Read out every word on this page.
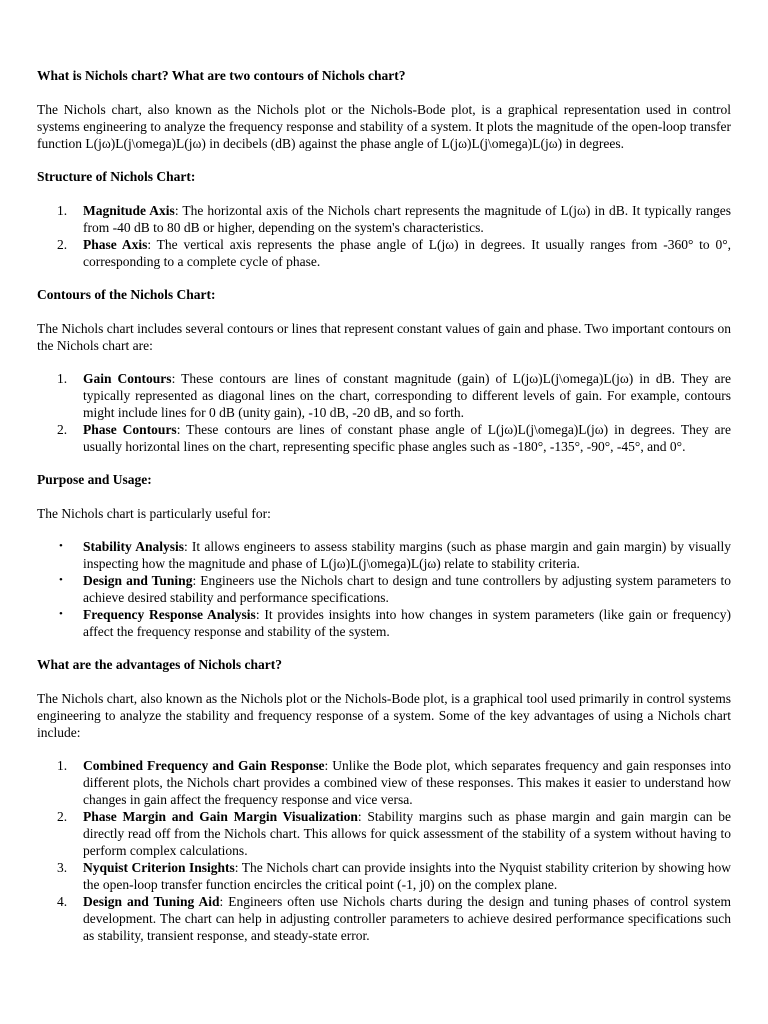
What is Nichols chart? What are two contours of Nichols chart?

The Nichols chart, also known as the Nichols plot or the Nichols-Bode plot, is a graphical representation used in control systems engineering to analyze the frequency response and stability of a system. It plots the magnitude of the open-loop transfer function L(jω)L(j\omega)L(jω) in decibels (dB) against the phase angle of L(jω)L(j\omega)L(jω) in degrees.

Structure of Nichols Chart:
1. Magnitude Axis: The horizontal axis of the Nichols chart represents the magnitude of L(jω) in dB. It typically ranges from -40 dB to 80 dB or higher, depending on the system's characteristics.
2. Phase Axis: The vertical axis represents the phase angle of L(jω) in degrees. It usually ranges from -360° to 0°, corresponding to a complete cycle of phase.
Contours of the Nichols Chart:

The Nichols chart includes several contours or lines that represent constant values of gain and phase. Two important contours on the Nichols chart are:

1. Gain Contours: These contours are lines of constant magnitude (gain) of L(jω)L(j\omega)L(jω) in dB. They are typically represented as diagonal lines on the chart, corresponding to different levels of gain. For example, contours might include lines for 0 dB (unity gain), -10 dB, -20 dB, and so forth.
2. Phase Contours: These contours are lines of constant phase angle of L(jω)L(j\omega)L(jω) in degrees. They are usually horizontal lines on the chart, representing specific phase angles such as -180°, -135°, -90°, -45°, and 0°.
Purpose and Usage:

The Nichols chart is particularly useful for:

• Stability Analysis: It allows engineers to assess stability margins (such as phase margin and gain margin) by visually inspecting how the magnitude and phase of L(jω)L(j\omega)L(jω) relate to stability criteria.
• Design and Tuning: Engineers use the Nichols chart to design and tune controllers by adjusting system parameters to achieve desired stability and performance specifications.
• Frequency Response Analysis: It provides insights into how changes in system parameters (like gain or frequency) affect the frequency response and stability of the system.
What are the advantages of Nichols chart?

The Nichols chart, also known as the Nichols plot or the Nichols-Bode plot, is a graphical tool used primarily in control systems engineering to analyze the stability and frequency response of a system. Some of the key advantages of using a Nichols chart include:

1. Combined Frequency and Gain Response: Unlike the Bode plot, which separates frequency and gain responses into different plots, the Nichols chart provides a combined view of these responses. This makes it easier to understand how changes in gain affect the frequency response and vice versa.
2. Phase Margin and Gain Margin Visualization: Stability margins such as phase margin and gain margin can be directly read off from the Nichols chart. This allows for quick assessment of the stability of a system without having to perform complex calculations.
3. Nyquist Criterion Insights: The Nichols chart can provide insights into the Nyquist stability criterion by showing how the open-loop transfer function encircles the critical point (-1, j0) on the complex plane.
4. Design and Tuning Aid: Engineers often use Nichols charts during the design and tuning phases of control system development. The chart can help in adjusting controller parameters to achieve desired performance specifications such as stability, transient response, and steady-state error.
